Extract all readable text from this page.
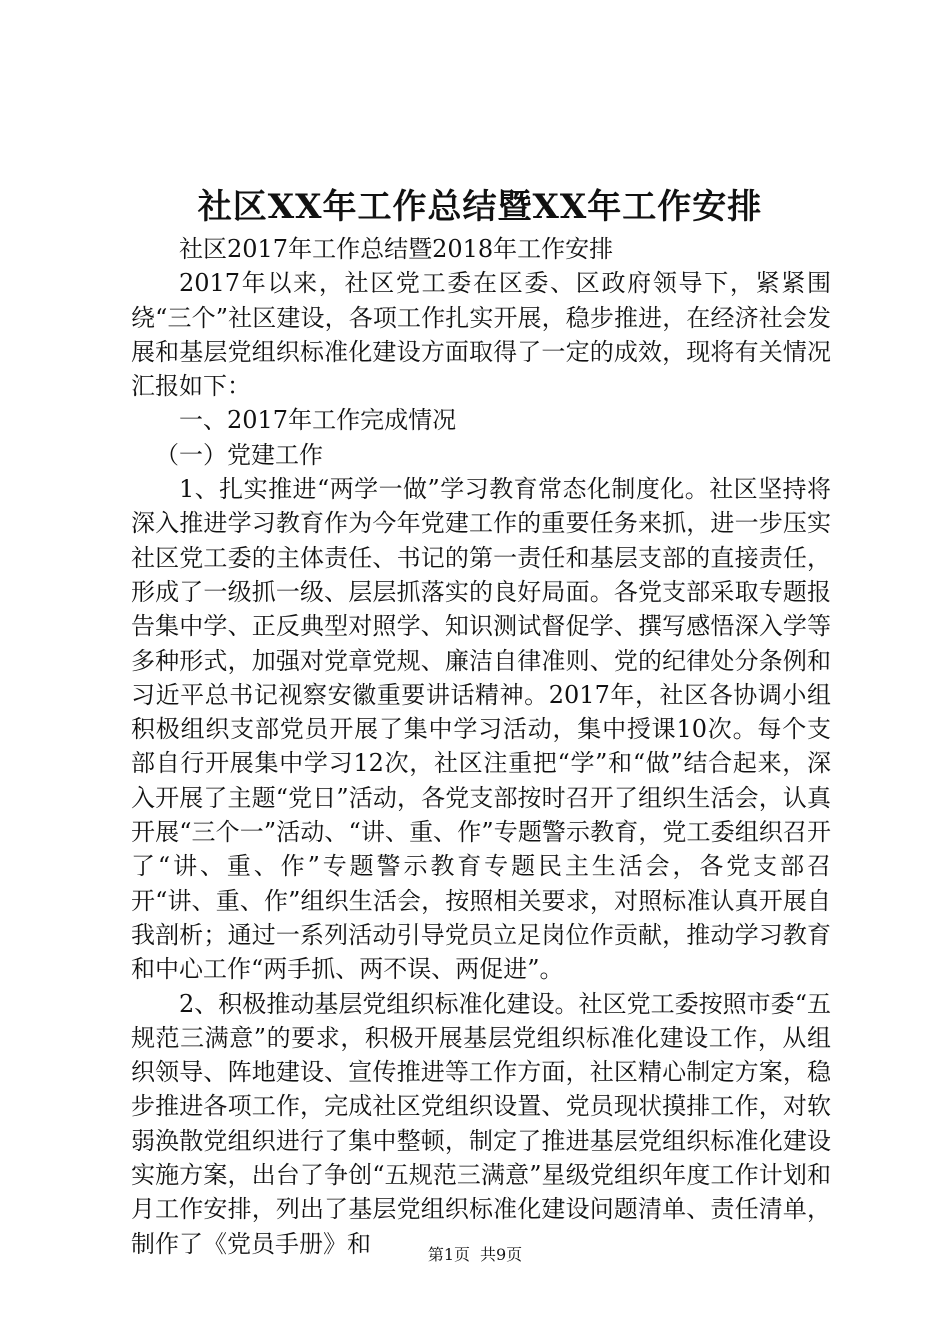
社区XX年工作总结暨XX年工作安排

社区2017年工作总结暨2018年工作安排

2017年以来，社区党工委在区委、区政府领导下，紧紧围绕“三个”社区建设，各项工作扎实开展，稳步推进，在经济社会发展和基层党组织标准化建设方面取得了一定的成效，现将有关情况汇报如下：

一、2017年工作完成情况

（一）党建工作

1、扎实推进“两学一做”学习教育常态化制度化。社区坚持将深入推进学习教育作为今年党建工作的重要任务来抓，进一步压实社区党工委的主体责任、书记的第一责任和基层支部的直接责任，形成了一级抓一级、层层抓落实的良好局面。各党支部采取专题报告集中学、正反典型对照学、知识测试督促学、撰写感悟深入学等多种形式，加强对党章党规、廉洁自律准则、党的纪律处分条例和习近平总书记视察安徽重要讲话精神。2017年，社区各协调小组积极组织支部党员开展了集中学习活动，集中授课10次。每个支部自行开展集中学习12次，社区注重把“学”和“做”结合起来，深入开展了主题“党日”活动，各党支部按时召开了组织生活会，认真开展“三个一”活动、“讲、重、作”专题警示教育，党工委组织召开了“讲、重、作”专题警示教育专题民主生活会，各党支部召开“讲、重、作”组织生活会，按照相关要求，对照标准认真开展自我剖析；通过一系列活动引导党员立足岗位作贡献，推动学习教育和中心工作“两手抓、两不误、两促进”。

2、积极推动基层党组织标准化建设。社区党工委按照市委“五规范三满意”的要求，积极开展基层党组织标准化建设工作，从组织领导、阵地建设、宣传推进等工作方面，社区精心制定方案，稳步推进各项工作，完成社区党组织设置、党员现状摸排工作，对软弱涣散党组织进行了集中整顿，制定了推进基层党组织标准化建设实施方案，出台了争创“五规范三满意”星级党组织年度工作计划和月工作安排，列出了基层党组织标准化建设问题清单、责任清单，制作了《党员手册》和	第1页 共9页
